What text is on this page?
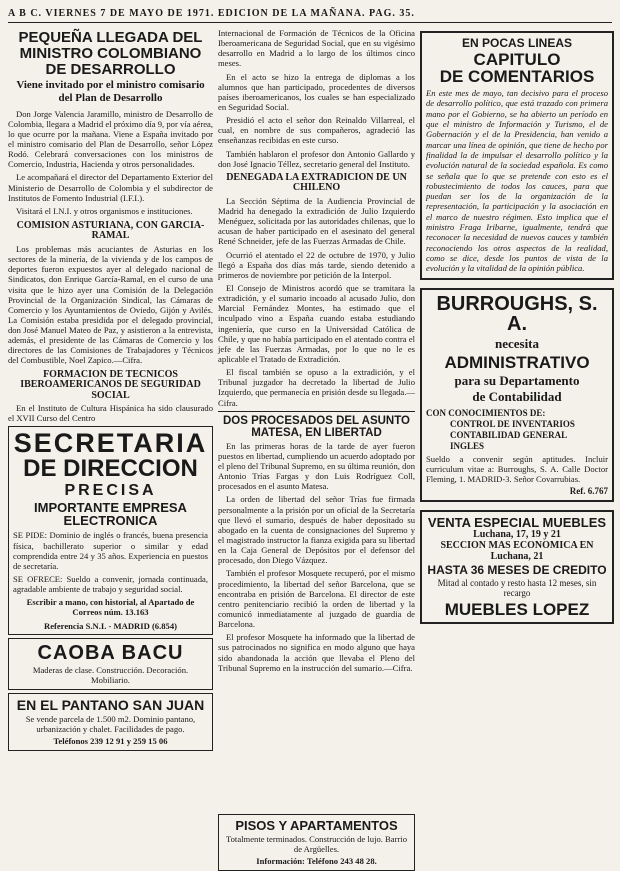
A B C. VIERNES 7 DE MAYO DE 1971. EDICION DE LA MAÑANA. PAG. 35.
PEQUEÑA LLEGADA DEL MINISTRO COLOMBIANO DE DESARROLLO
Viene invitado por el ministro comisario del Plan de Desarrollo

Don Jorge Valencia Jaramillo, ministro de Desarrollo de Colombia, llegara a Madrid el próximo día 9, por vía aérea, lo que ocurre por la mañana. Viene a España invitado por el ministro comisario del Plan de Desarrollo, señor López Rodó. Celebrará conversaciones con los ministros de Comercio, Industria, Hacienda y otros personalidades.

Le acompañará el director del Departamento Exterior del Ministerio de Desarrollo de Colombia y el subdirector de Institutos de Fomento Industrial (I.F.I.).

Visitará el I.N.I. y otros organismos e instituciones.

COMISION ASTURIANA, CON GARCIA-RAMAL

Los problemas más acuciantes de Asturias en los sectores de la minería, de la vivienda y de los campos de deportes fueron expuestos ayer al delegado nacional de Sindicatos, don Enrique García-Ramal, en el curso de una visita que le hizo ayer una Comisión de la Delegación Provincial de la Organización Sindical, las Cámaras de Comercio y los Ayuntamientos de Oviedo, Gijón y Avilés. La Comisión estaba presidida por el delegado provincial, don José Manuel Mateo de Paz, y asistieron a la entrevista, además, el presidente de las Cámaras de Comercio y los directores de las Comisiones de Trabajadores y Técnicos del Combustible, Noel Zapico.—Cifra.

FORMACION DE TECNICOS IBEROAMERICANOS DE SEGURIDAD SOCIAL

En el Instituto de Cultura Hispánica ha sido clausurado el XVII Curso del Centro

SECRETARIA
DE DIRECCION
PRECISA
IMPORTANTE EMPRESA
ELECTRONICA

SE PIDE: Dominio de inglés o francés, buena presencia física, bachillerato superior o similar y edad comprendida entre 24 y 35 años. Experiencia en puestos de secretaría.

SE OFRECE: Sueldo a convenir, jornada continuada, agradable ambiente de trabajo y seguridad social.

Escribir a mano, con historial, al Apartado de Correos núm. 13.163

Referencia S.N.I. - MADRID (6.854)

CAOBA BACU

Maderas de clase. Construcción. Decoración. Mobiliario.

EN EL PANTANO SAN JUAN

Se vende parcela de 1.500 m2. Dominio pantano, urbanización y chalet. Facilidades de pago.

Teléfonos 239 12 91 y 259 15 06

Internacional de Formación de Técnicos de la Oficina Iberoamericana de Seguridad Social, que en su vigésimo desarrollo en Madrid a lo largo de los últimos cinco meses.

En el acto se hizo la entrega de diplomas a los alumnos que han participado, procedentes de diversos países iberoamericanos, los cuales se han especializado en Seguridad Social.

Presidió el acto el señor don Reinaldo Villarreal, el cual, en nombre de sus compañeros, agradeció las enseñanzas recibidas en este curso.

También hablaron el profesor don Antonio Gallardo y don José Ignacio Téllez, secretario general del Instituto.

DENEGADA LA EXTRADICION DE UN CHILENO

La Sección Séptima de la Audiencia Provincial de Madrid ha denegado la extradición de Julio Izquierdo Menéguez, solicitada por las autoridades chilenas, que lo acusan de haber participado en el asesinato del general René Schneider, jefe de las Fuerzas Armadas de Chile.

Ocurrió el atentado el 22 de octubre de 1970, y Julio llegó a España dos días más tarde, siendo detenido a primeros de noviembre por petición de la Interpol.

El Consejo de Ministros acordó que se tramitara la extradición, y el sumario incoado al acusado Julio, don Marcial Fernández Montes, ha estimado que el inculpado vino a España cuando estaba estudiando ingeniería, que curso en la Universidad Católica de Chile, y que no había participado en el atentado contra el jefe de las Fuerzas Armadas, por lo que no le es aplicable el Tratado de Extradición.

El fiscal también se opuso a la extradición, y el Tribunal juzgador ha decretado la libertad de Julio Izquierdo, que permanecía en prisión desde su llegada.—Cifra.

DOS PROCESADOS DEL ASUNTO MATESA, EN LIBERTAD

En las primeras horas de la tarde de ayer fueron puestos en libertad, cumpliendo un acuerdo adoptado por el pleno del Tribunal Supremo, en su última reunión, don Antonio Trías Fargas y don Luis Rodríguez Coll, procesados en el asunto Matesa.

La orden de libertad del señor Trías fue firmada personalmente a la prisión por un oficial de la Secretaría que llevó el sumario, después de haber depositado su abogado en la cuenta de consignaciones del Supremo y el magistrado instructor la fianza exigida para su libertad en la Caja General de Depósitos por el defensor del procesado, don Diego Vázquez.

También el profesor Mosquete recuperó, por el mismo procedimiento, la libertad del señor Barcelona, que se encontraba en prisión de Barcelona. El director de este centro penitenciario recibió la orden de libertad y la comunicó inmediatamente al juzgado de guardia de Barcelona.

El profesor Mosquete ha informado que la libertad de sus patrocinados no significa en modo alguno que haya sido abandonada la acción que llevaba el Pleno del Tribunal Supremo en la instrucción del sumario.—Cifra.

PISOS Y APARTAMENTOS

Totalmente terminados. Construcción de lujo. Barrio de Argüelles.

Información: Teléfono 243 48 28.

EN POCAS LINEAS
CAPITULO
DE COMENTARIOS

En este mes de mayo, tan decisivo para el proceso de desarrollo político, que está trazado con primera mano por el Gobierno, se ha abierto un período en que el ministro de Información y Turismo, el de Gobernación y el de la Presidencia, han venido a marcar una línea de opinión, que tiene de hecho por finalidad la de impulsar el desarrollo político y la evolución natural de la sociedad española. Es como se señala que lo que se pretende con esto es el robustecimiento de todos los cauces, para que puedan ser los de la organización de la representación, la participación y la asociación en el marco de nuestro régimen. Esto implica que el ministro Fraga Iribarne, igualmente, tendrá que reconocer la necesidad de nuevos cauces y también reconociendo los otros aspectos de la realidad, como se dice, desde los puntos de vista de la evolución y la vitalidad de la opinión pública.

BURROUGHS, S. A.
necesita
ADMINISTRATIVO
para su Departamento
de Contabilidad
CON CONOCIMIENTOS DE:
CONTROL DE INVENTARIOS
CONTABILIDAD GENERAL
INGLES

Sueldo a convenir según aptitudes. Incluir curriculum vitae a: Burroughs, S. A. Calle Doctor Fleming, 1. MADRID-3. Señor Covarrubias.

Ref. 6.767
VENTA ESPECIAL MUEBLES
Luchana, 17, 19 y 21
SECCION MAS ECONOMICA EN
Luchana, 21
HASTA 36 MESES DE CREDITO
Mitad al contado y resto hasta 12 meses, sin recargo
MUEBLES LOPEZ
